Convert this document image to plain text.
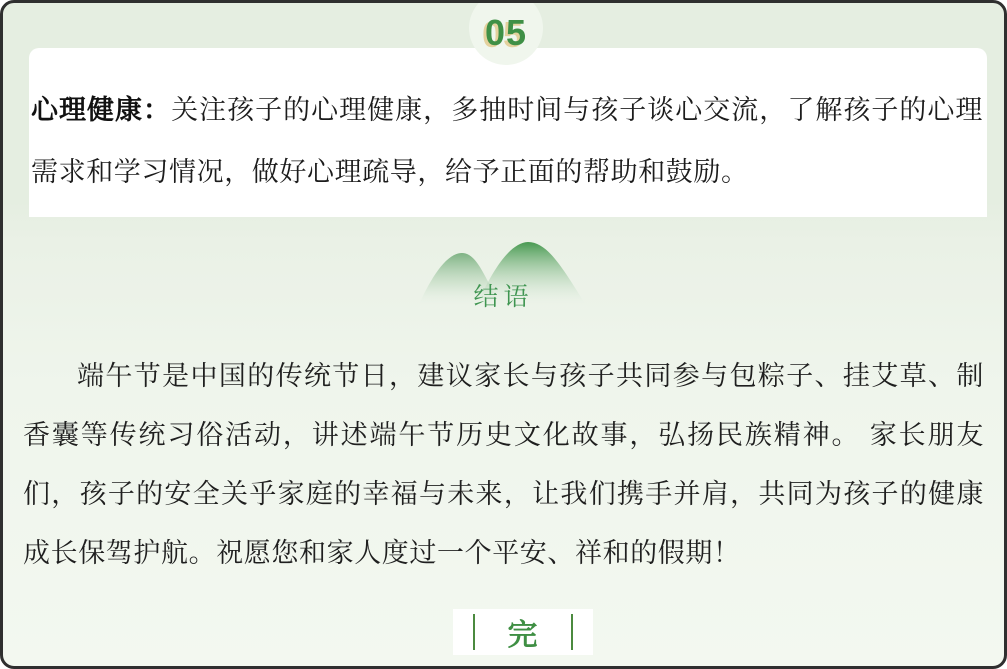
05
心理健康：关注孩子的心理健康，多抽时间与孩子谈心交流，了解孩子的心理需求和学习情况，做好心理疏导，给予正面的帮助和鼓励。
结语
端午节是中国的传统节日，建议家长与孩子共同参与包粽子、挂艾草、制香囊等传统习俗活动，讲述端午节历史文化故事，弘扬民族精神。 家长朋友们，孩子的安全关乎家庭的幸福与未来，让我们携手并肩，共同为孩子的健康成长保驾护航。祝愿您和家人度过一个平安、祥和的假期！
完
